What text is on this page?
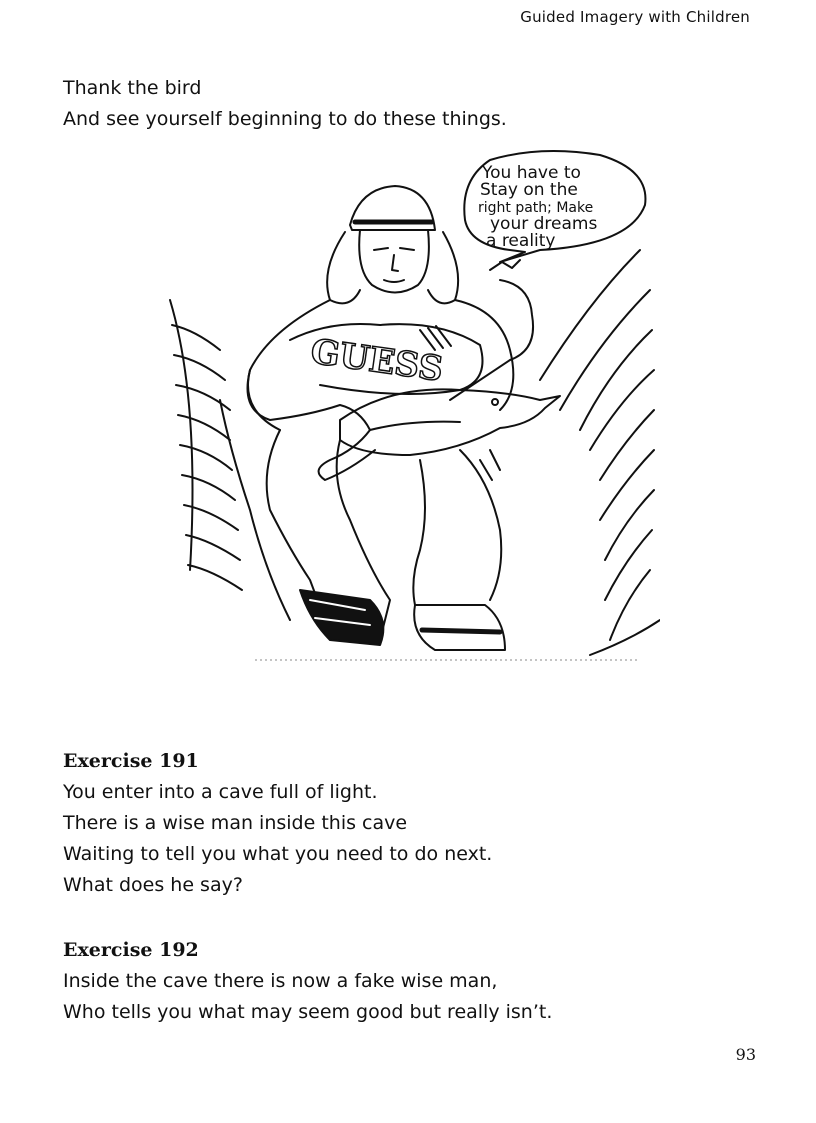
Guided Imagery with Children
Thank the bird
And see yourself beginning to do these things.
GUESS
You have to
Stay on the
right path; Make
your dreams
a reality
Exercise 191
You enter into a cave full of light.
There is a wise man inside this cave
Waiting to tell you what you need to do next.
What does he say?
Exercise 192
Inside the cave there is now a fake wise man,
Who tells you what may seem good but really isn’t.
93
